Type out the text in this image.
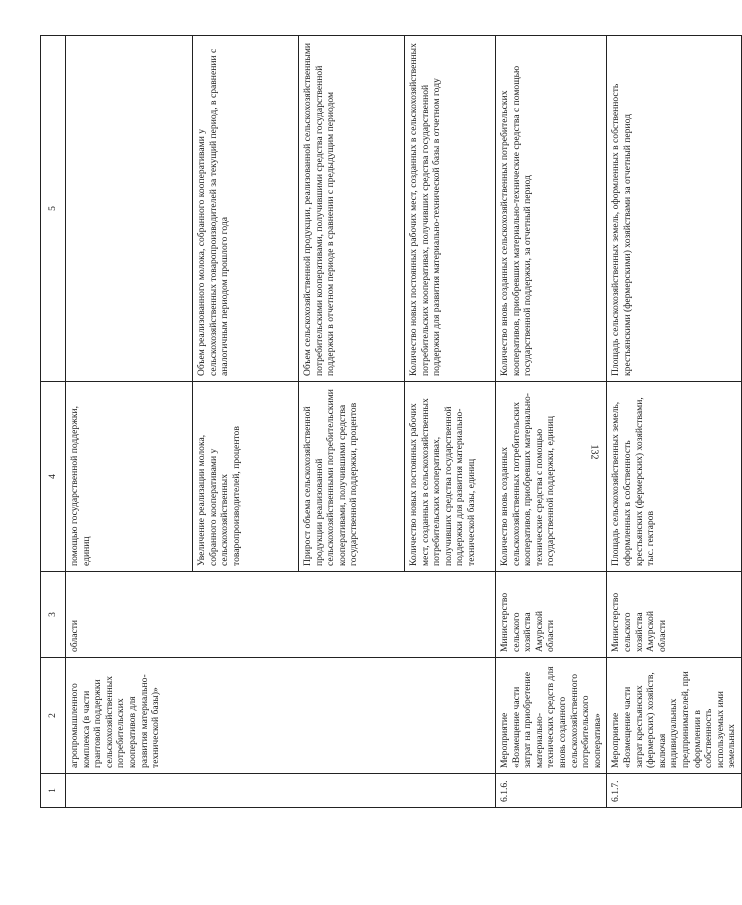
132
1	2	3	4	5
	агропромышленного комплекса (в части грантовой поддержки сельскохозяйственных потребительских кооперативов для развития материально-технической базы)»	области	помощью государственной поддержки, единиц	
			Увеличение реализации молока, собранного кооперативами у сельскохозяйственных товаропроизводителей, процентов	Объем реализованного молока, собранного кооперативами у сельскохозяйственных товаропроизводителей за текущий период, в сравнении с аналогичным периодом прошлого года
			Прирост объема сельскохозяйственной продукции реализованной сельскохозяйственными потребительскими кооперативами, получившими средства государственной поддержки, процентов	Объем сельскохозяйственной продукции, реализованной сельскохозяйственными потребительскими кооперативами, получившими средства государственной поддержки в отчетном периоде в сравнении с предыдущим периодом
			Количество новых постоянных рабочих мест, созданных в сельскохозяйственных потребительских кооперативах, получивших средства государственной поддержки для развития материально-технической базы, единиц	Количество новых постоянных рабочих мест, созданных в сельскохозяйственных потребительских кооперативах, получивших средства государственной поддержки для развития материально-технической базы в отчетном году
6.1.6.	Мероприятие «Возмещение части затрат на приобретение материально-технических средств для вновь созданного сельскохозяйственного потребительского кооператива»	Министерство сельского хозяйства Амурской области	Количество вновь созданных сельскохозяйственных потребительских кооперативов, приобревших материально-технические средства с помощью государственной поддержки, единиц	Количество вновь созданных сельскохозяйственных потребительских кооперативов, приобревших материально-технические средства с помощью государственной поддержки, за отчетный период
6.1.7.	Мероприятие «Возмещение части затрат крестьянских (фермерских) хозяйств, включая индивидуальных предпринимателей, при оформлении в собственность используемых ими земельных	Министерство сельского хозяйства Амурской области	Площадь сельскохозяйственных земель, оформленных в собственность крестьянских (фермерских) хозяйствами, тыс. гектаров	Площадь сельскохозяйственных земель, оформленных в собственность крестьянскими (фермерскими) хозяйствами за отчетный период
